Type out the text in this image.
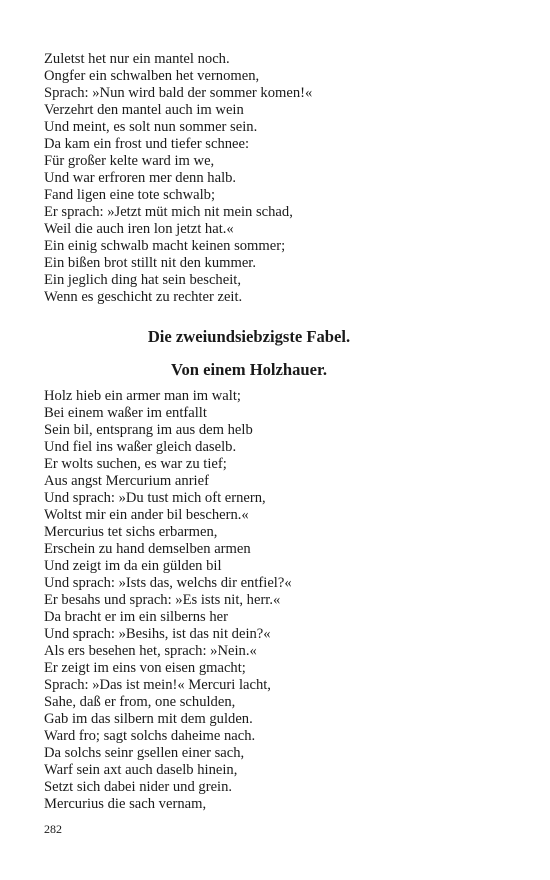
Zuletst het nur ein mantel noch.
Ongfer ein schwalben het vernomen,
Sprach: »Nun wird bald der sommer komen!«
Verzehrt den mantel auch im wein
Und meint, es solt nun sommer sein.
Da kam ein frost und tiefer schnee:
Für großer kelte ward im we,
Und war erfroren mer denn halb.
Fand ligen eine tote schwalb;
Er sprach: »Jetzt müt mich nit mein schad,
Weil die auch iren lon jetzt hat.«
Ein einig schwalb macht keinen sommer;
Ein bißen brot stillt nit den kummer.
Ein jeglich ding hat sein bescheit,
Wenn es geschicht zu rechter zeit.
Die zweiundsiebzigste Fabel.
Von einem Holzhauer.
Holz hieb ein armer man im walt;
Bei einem waßer im entfallt
Sein bil, entsprang im aus dem helb
Und fiel ins waßer gleich daselb.
Er wolts suchen, es war zu tief;
Aus angst Mercurium anrief
Und sprach: »Du tust mich oft ernern,
Woltst mir ein ander bil beschern.«
Mercurius tet sichs erbarmen,
Erschein zu hand demselben armen
Und zeigt im da ein gülden bil
Und sprach: »Ists das, welchs dir entfiel?«
Er besahs und sprach: »Es ists nit, herr.«
Da bracht er im ein silberns her
Und sprach: »Besihs, ist das nit dein?«
Als ers besehen het, sprach: »Nein.«
Er zeigt im eins von eisen gmacht;
Sprach: »Das ist mein!« Mercuri lacht,
Sahe, daß er from, one schulden,
Gab im das silbern mit dem gulden.
Ward fro; sagt solchs daheime nach.
Da solchs seinr gsellen einer sach,
Warf sein axt auch daselb hinein,
Setzt sich dabei nider und grein.
Mercurius die sach vernam,
282
